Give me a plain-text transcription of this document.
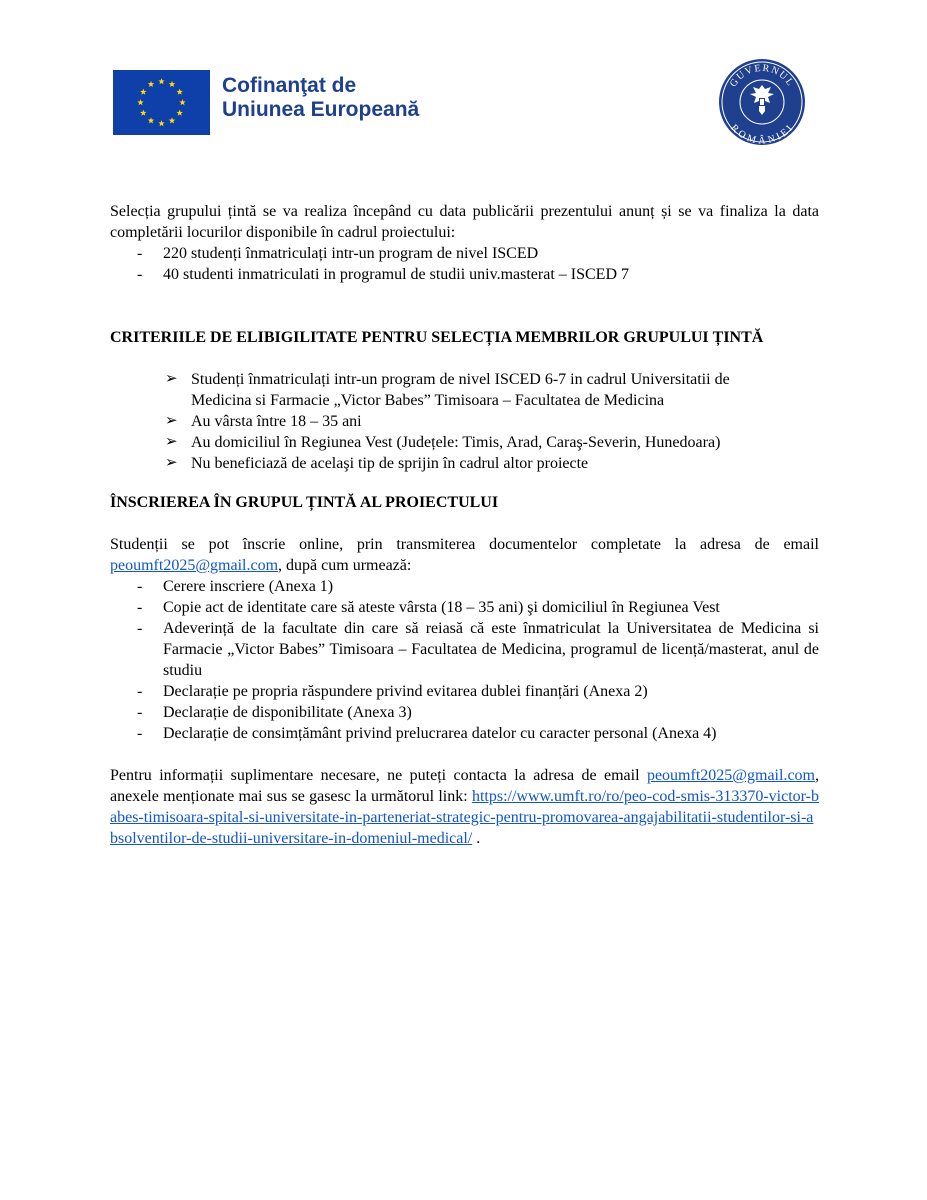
Cofinanţat de
Uniunea Europeană
GUVERNUL
ROMÂNIEI

Selecția grupului țintă se va realiza începând cu data publicării prezentului anunț și se va finaliza la data completării locurilor disponibile în cadrul proiectului:

- 220 studenți înmatriculați intr-un program de nivel ISCED
- 40 studenti inmatriculati in programul de studii univ.masterat – ISCED 7
CRITERIILE DE ELIBIGILITATE PENTRU SELECȚIA MEMBRILOR GRUPULUI ȚINTĂ
➢ Studenți înmatriculați intr-un program de nivel ISCED 6-7 in cadrul Universitatii de Medicina si Farmacie „Victor Babes” Timisoara – Facultatea de Medicina
➢ Au vârsta între 18 – 35 ani
➢ Au domiciliul în Regiunea Vest (Județele: Timis, Arad, Caraş-Severin, Hunedoara)
➢ Nu beneficiază de acelaşi tip de sprijin în cadrul altor proiecte
ÎNSCRIEREA ÎN GRUPUL ȚINTĂ AL PROIECTULUI

Studenții se pot înscrie online, prin transmiterea documentelor completate la adresa de email peoumft2025@gmail.com, după cum urmează:

- Cerere inscriere (Anexa 1)
- Copie act de identitate care să ateste vârsta (18 – 35 ani) şi domiciliul în Regiunea Vest
- Adeverință de la facultate din care să reiasă că este înmatriculat la Universitatea de Medicina si Farmacie „Victor Babes” Timisoara – Facultatea de Medicina, programul de licență/masterat, anul de studiu
- Declarație pe propria răspundere privind evitarea dublei finanțări (Anexa 2)
- Declarație de disponibilitate (Anexa 3)
- Declarație de consimțământ privind prelucrarea datelor cu caracter personal (Anexa 4)

Pentru informații suplimentare necesare, ne puteți contacta la adresa de email peoumft2025@gmail.com, anexele menționate mai sus se gasesc la următorul link: https://www.umft.ro/ro/peo-cod-smis-313370-victor-babes-timisoara-spital-si-universitate-in-parteneriat-strategic-pentru-promovarea-angajabilitatii-studentilor-si-absolventilor-de-studii-universitare-in-domeniul-medical/ .
